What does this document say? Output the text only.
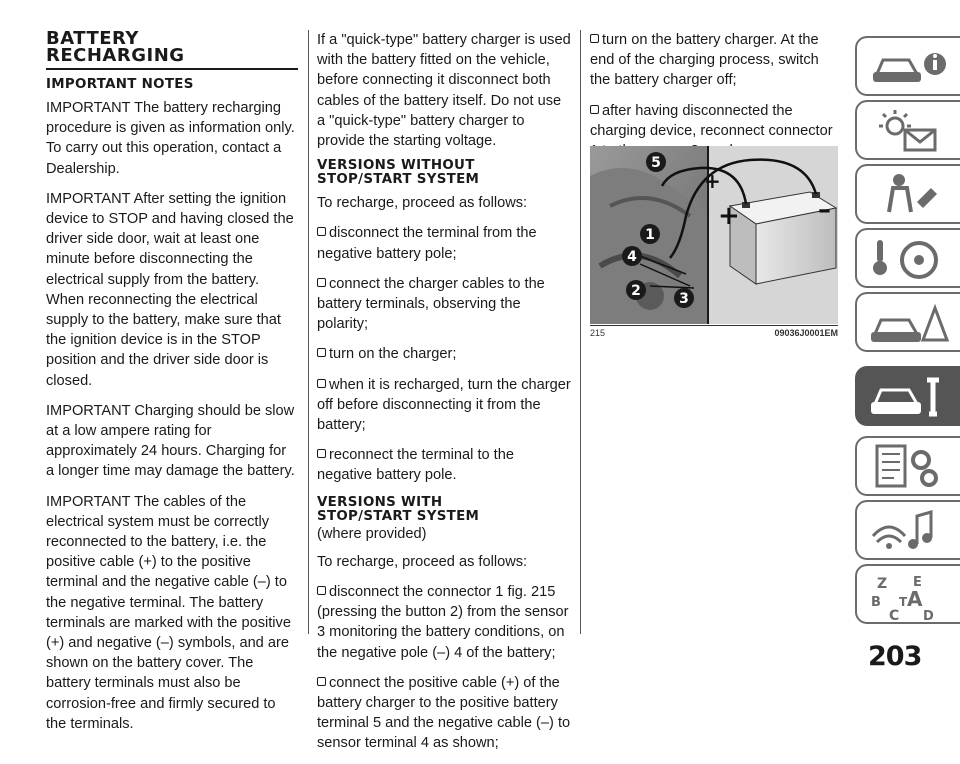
BATTERY
RECHARGING
IMPORTANT NOTES

IMPORTANT The battery recharging procedure is given as information only. To carry out this operation, contact a Dealership.

IMPORTANT After setting the ignition device to STOP and having closed the driver side door, wait at least one minute before disconnecting the electrical supply from the battery. When reconnecting the electrical supply to the battery, make sure that the ignition device is in the STOP position and the driver side door is closed.

IMPORTANT Charging should be slow at a low ampere rating for approximately 24 hours. Charging for a longer time may damage the battery.

IMPORTANT The cables of the electrical system must be correctly reconnected to the battery, i.e. the positive cable (+) to the positive terminal and the negative cable (–) to the negative terminal. The battery terminals are marked with the positive (+) and negative (–) symbols, and are shown on the battery cover. The battery terminals must also be corrosion-free and firmly secured to the terminals.

If a "quick-type" battery charger is used with the battery fitted on the vehicle, before connecting it disconnect both cables of the battery itself. Do not use a "quick-type" battery charger to provide the starting voltage.

VERSIONS WITHOUT
STOP/START SYSTEM

To recharge, proceed as follows:

disconnect the terminal from the negative battery pole;

connect the charger cables to the battery terminals, observing the polarity;

turn on the charger;

when it is recharged, turn the charger off before disconnecting it from the battery;

reconnect the terminal to the negative battery pole.

VERSIONS WITH
STOP/START SYSTEM

(where provided)

To recharge, proceed as follows:

disconnect the connector 1 fig. 215 (pressing the button 2) from the sensor 3 monitoring the battery conditions, on the negative pole (–) 4 of the battery;

connect the positive cable (+) of the battery charger to the positive battery terminal 5 and the negative cable (–) to sensor terminal 4 as shown;

turn on the battery charger. At the end of the charging process, switch the battery charger off;

after having disconnected the charging device, reconnect connector

+
+	–
5
1
4
2	3
215	09036J0001EM
Z E
B A
C
T
D
203
